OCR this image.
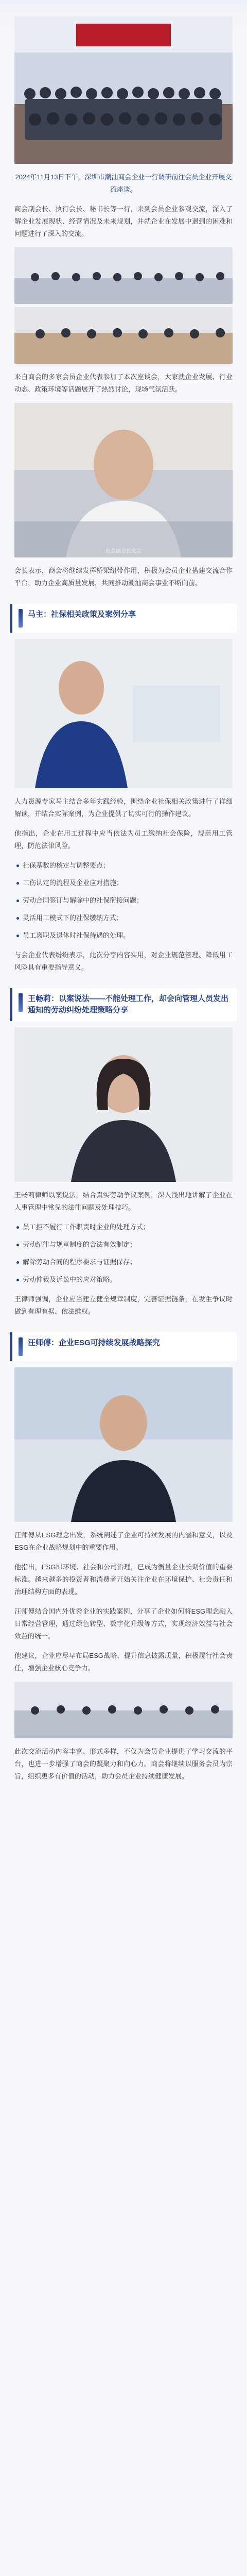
2024年11月13日下午，深圳市潮汕商会企业一行调研前往会员企业开展交流座谈。

商会副会长、执行会长、秘书长等一行，来到会员企业参观交流，深入了解企业发展现状、经营情况及未来规划，并就企业在发展中遇到的困难和问题进行了深入的交流。

来自商会的多家会员企业代表参加了本次座谈会，大家就企业发展、行业动态、政策环境等话题展开了热烈讨论，现场气氛活跃。

商会副会长发言

会长表示，商会将继续发挥桥梁纽带作用，积极为会员企业搭建交流合作平台，助力企业高质量发展，共同推动潮汕商会事业不断向前。

马主：社保相关政策及案例分享

人力资源专家马主结合多年实践经验，围绕企业社保相关政策进行了详细解读，并结合实际案例，为企业提供了切实可行的操作建议。

他指出，企业在用工过程中应当依法为员工缴纳社会保险，规范用工管理，防范法律风险。

社保基数的核定与调整要点；
工伤认定的流程及企业应对措施；
劳动合同签订与解除中的社保衔接问题；
灵活用工模式下的社保缴纳方式；
员工离职及退休时社保待遇的处理。

与会企业代表纷纷表示，此次分享内容实用，对企业规范管理、降低用工风险具有重要指导意义。

王畅莉：以案说法——不能处理工作，却会向管理人员发出通知的劳动纠纷处理策略分享

王畅莉律师以案说法，结合真实劳动争议案例，深入浅出地讲解了企业在人事管理中常见的法律问题及处理技巧。

员工拒不履行工作职责时企业的处理方式；
劳动纪律与规章制度的合法有效制定；
解除劳动合同的程序要求与证据保存；
劳动仲裁及诉讼中的应对策略。

王律师强调，企业应当建立健全规章制度，完善证据链条，在发生争议时做到有理有据、依法维权。

汪师傅：企业ESG可持续发展战略探究

汪师傅从ESG理念出发，系统阐述了企业可持续发展的内涵和意义，以及ESG在企业战略规划中的重要作用。

他指出，ESG即环境、社会和公司治理，已成为衡量企业长期价值的重要标准。越来越多的投资者和消费者开始关注企业在环境保护、社会责任和治理结构方面的表现。

汪师傅结合国内外优秀企业的实践案例，分享了企业如何将ESG理念融入日常经营管理，通过绿色转型、数字化升级等方式，实现经济效益与社会效益的统一。

他建议，企业应尽早布局ESG战略，提升信息披露质量，积极履行社会责任，增强企业核心竞争力。

此次交流活动内容丰富、形式多样，不仅为会员企业提供了学习交流的平台，也进一步增强了商会的凝聚力和向心力。商会将继续以服务会员为宗旨，组织更多有价值的活动，助力会员企业持续健康发展。
